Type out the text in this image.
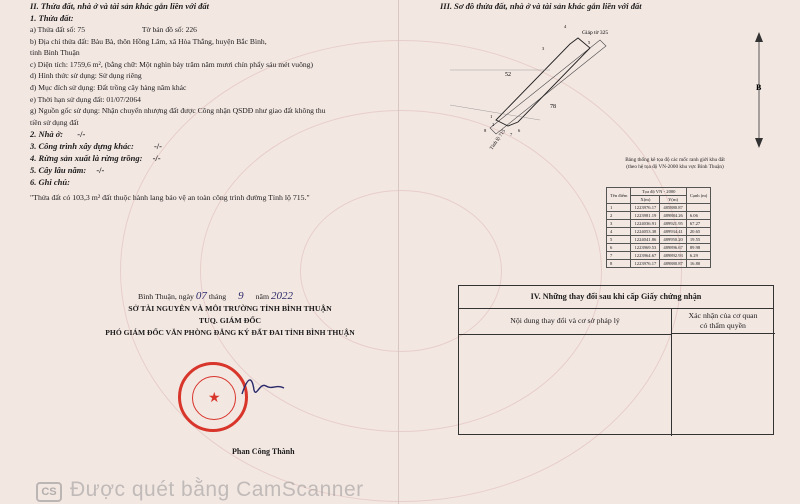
II. Thửa đất, nhà ở và tài sản khác gắn liền với đất
1. Thửa đất:
a) Thửa đất số: 75	Tờ bản đồ số: 226
b) Địa chỉ thửa đất: Bàu Bà, thôn Hồng Lâm, xã Hòa Thắng, huyện Bắc Bình,
tỉnh Bình Thuận
c) Diện tích: 1759,6 m², (bằng chữ: Một nghìn bảy trăm năm mươi chín phẩy sáu mét vuông)
d) Hình thức sử dụng: Sử dụng riêng
đ) Mục đích sử dụng: Đất trồng cây hàng năm khác
e) Thời hạn sử dụng đất: 01/07/2064
g) Nguồn gốc sử dụng: Nhận chuyển nhượng đất được Công nhận QSDĐ như giao đất không thu
tiền sử dụng đất
2. Nhà ở: -/-
3. Công trình xây dựng khác: -/-
4. Rừng sản xuất là rừng trồng: -/-
5. Cây lâu năm: -/-
6. Ghi chú:
"Thửa đất có 103,3 m² đất thuộc hành lang bảo vệ an toàn công trình đường Tỉnh lộ 715."
Bình Thuận, ngày 07 tháng 9 năm 2022
SỞ TÀI NGUYÊN VÀ MÔI TRƯỜNG TỈNH BÌNH THUẬN
TUQ. GIÁM ĐỐC
PHÓ GIÁM ĐỐC VĂN PHÒNG ĐĂNG KÝ ĐẤT ĐAI TỈNH BÌNH THUẬN
★
Phan Công Thành
III. Sơ đồ thửa đất, nhà ở và tài sản khác gắn liền với đất
52
78
Giáp tờ 325
1
2
3
4
5
6
7
8 Tỉnh lộ 715
B
Bảng thống kê tọa độ các mốc ranh giới khu đất
(theo hệ tọa độ VN-2000 khu vực Bình Thuận)
Tên điểm	Tọa độ VN - 2000		Cạnh (m)
	X(m)	Y(m)	
1	1223976.17	485880.87	
2	1223981.19	489884.26	6.06
3	1224036.91	489921.95	67.27
4	1224053.38	489934.41	20.65
5	1224041.86	489950.20	19.55
6	1223969.53	489896.67	89.98
7	1223964.67	489892.93	6.29
8	1223976.17	489880.87	16.80
IV. Những thay đổi sau khi cấp Giấy chứng nhận
Nội dung thay đổi và cơ sở pháp lý
Xác nhận của cơ quan
có thẩm quyền
CS Được quét bằng CamScanner
